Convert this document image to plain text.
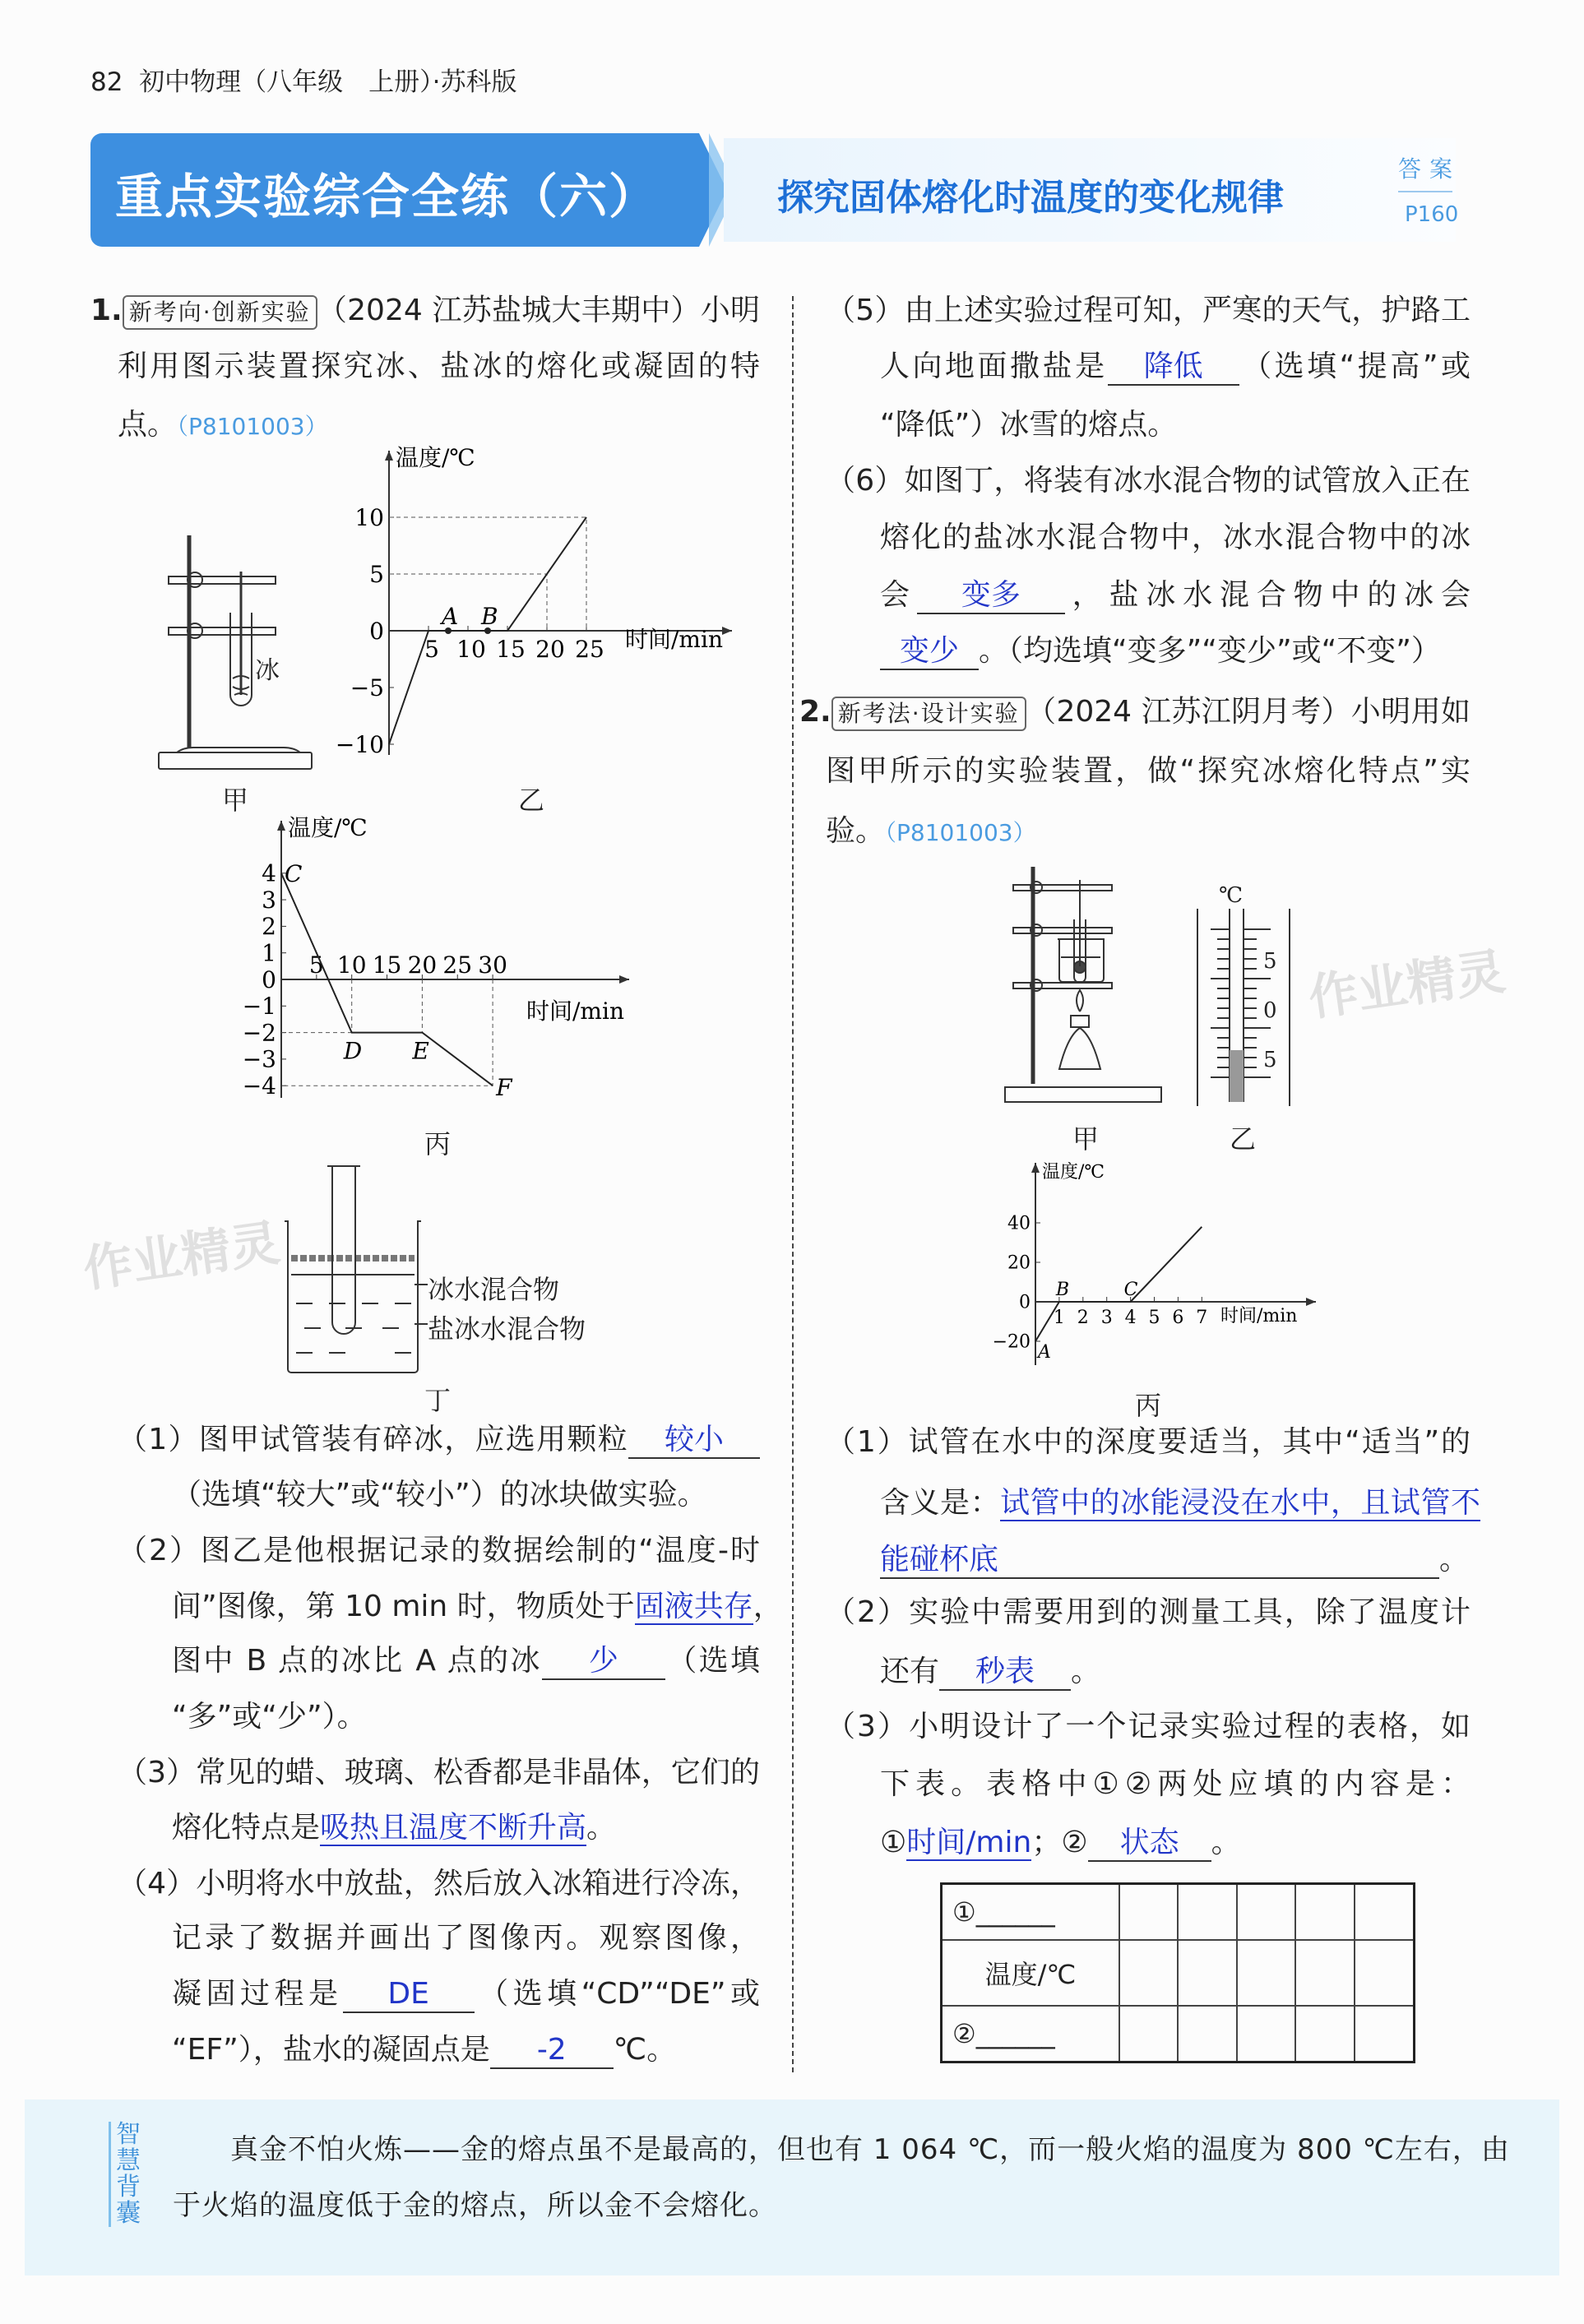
82 初中物理（八年级　上册）·苏科版
重点实验综合全练（六）	探究固体熔化时温度的变化规律
答案
P160
作业精灵
作业精灵
1. 新考向·创新实验 （2024 江苏盐城大丰期中）小明
利用图示装置探究冰、盐冰的熔化或凝固的特
点。（P8101003）
冰
甲
温度/℃
时间/min
5 10 15 20 25
10
5
0
−5
−10
A B
乙
温度/℃
时间/min
5 10 15 20 25 30
4
3
2
1
0
−1
−2
−3
−4
C
D E
F
丙
冰水混合物
盐冰水混合物
丁
（1）图甲试管装有碎冰，应选用颗粒 较小
（选填“较大”或“较小”）的冰块做实验。
（2）图乙是他根据记录的数据绘制的“温度-时
间”图像，第 10 min 时，物质处于固液共存，
图中 B 点的冰比 A 点的冰 少 （选填
“多”或“少”）。
（3）常见的蜡、玻璃、松香都是非晶体，它们的
熔化特点是吸热且温度不断升高。
（4）小明将水中放盐，然后放入冰箱进行冷冻，
记录了数据并画出了图像丙。观察图像，
凝固过程是 DE （选填“CD”“DE”或
“EF”），盐水的凝固点是 -2 ℃。
（5）由上述实验过程可知，严寒的天气，护路工
人向地面撒盐是 降低 （选填“提高”或
“降低”）冰雪的熔点。
（6）如图丁，将装有冰水混合物的试管放入正在
熔化的盐冰水混合物中，冰水混合物中的冰
会 变多 ，盐冰水混合物中的冰会
变少 。（均选填“变多”“变少”或“不变”）
2. 新考法·设计实验 （2024 江苏江阴月考）小明用如
图甲所示的实验装置，做“探究冰熔化特点”实
验。（P8101003）
甲
℃
5
0
5
乙
温度/℃
时间/min
1 2 3 4 5 6 7
40
20
0
−20 A
B	C
丙
（1）试管在水中的深度要适当，其中“适当”的
含义是：试管中的冰能浸没在水中，且试管不
能碰杯底	。
（2）实验中需要用到的测量工具，除了温度计
还有 秒表 。
（3）小明设计了一个记录实验过程的表格，如
下表。表格中①②两处应填的内容是：
①时间/min；② 状态 。
①______					
温度/℃					
②______					
智慧背囊
真金不怕火炼——金的熔点虽不是最高的，但也有 1 064 ℃，而一般火焰的温度为 800 ℃左右，由
于火焰的温度低于金的熔点，所以金不会熔化。
